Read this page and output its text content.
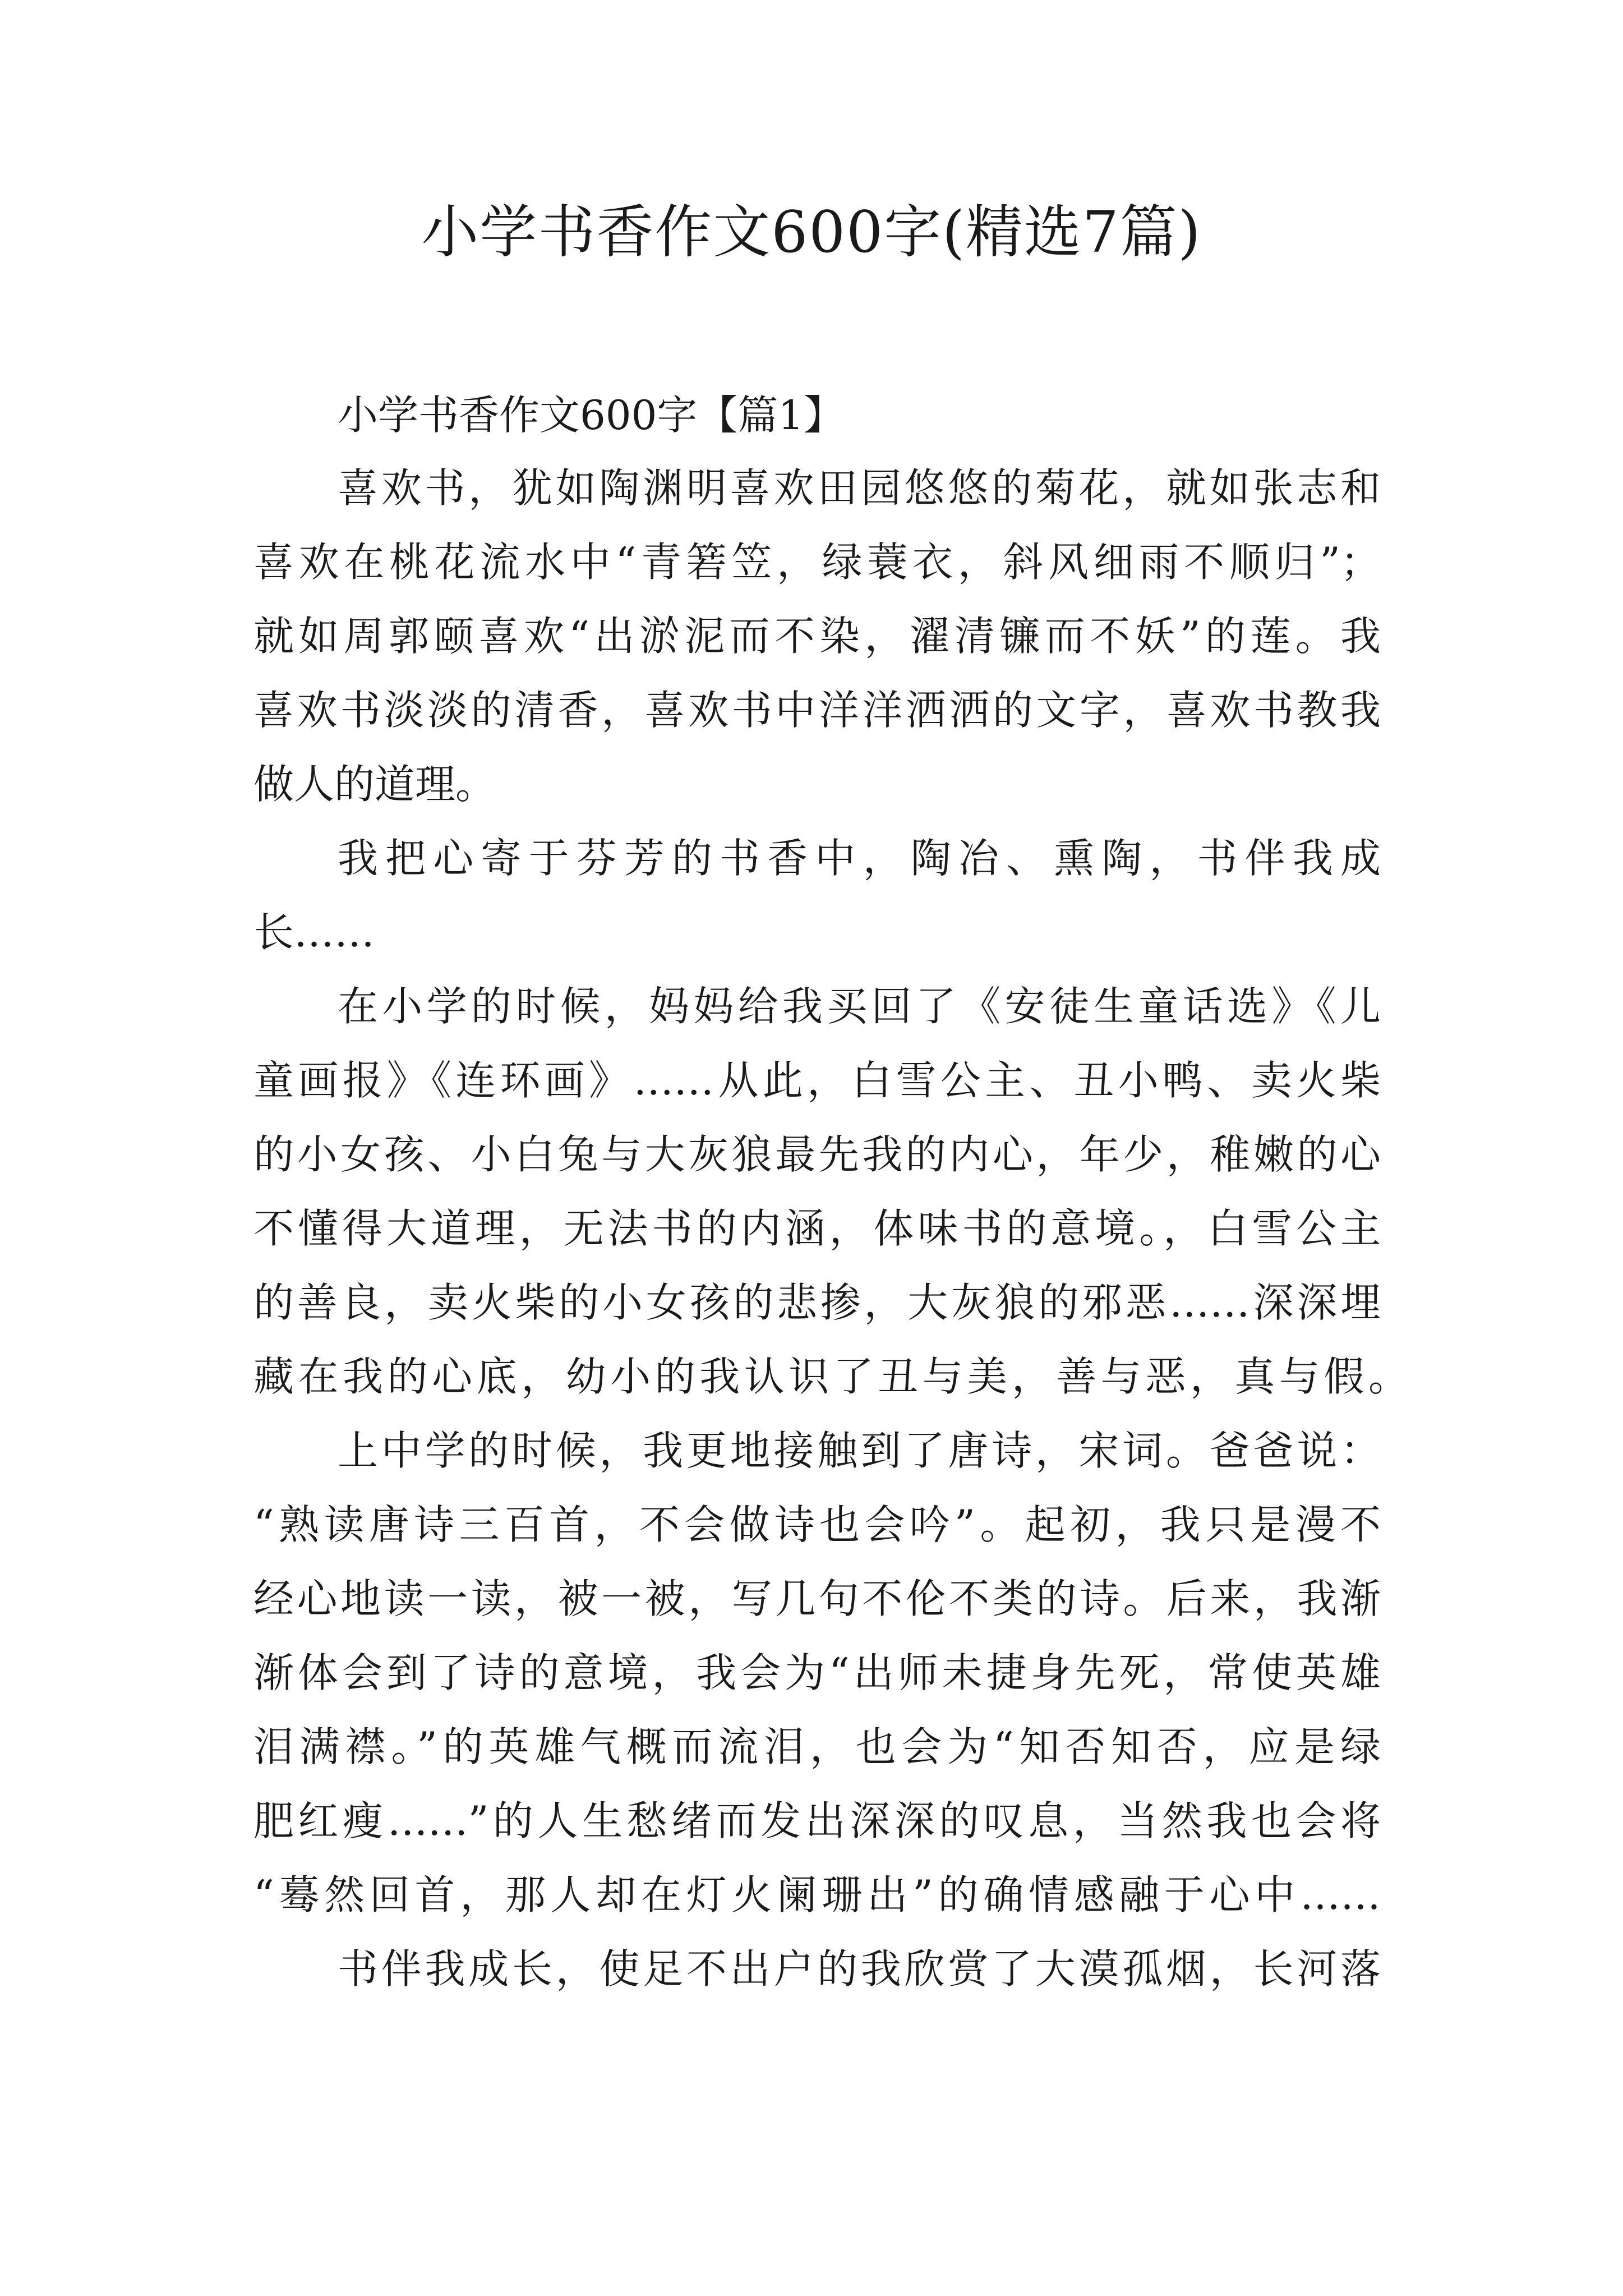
小学书香作文600字(精选7篇)
小学书香作文600字【篇1】
喜欢书，犹如陶渊明喜欢田园悠悠的菊花，就如张志和
喜欢在桃花流水中“青箬笠，绿蓑衣，斜风细雨不顺归”；
就如周郭颐喜欢“出淤泥而不染，濯清镰而不妖”的莲。我
喜欢书淡淡的清香，喜欢书中洋洋洒洒的文字，喜欢书教我
做人的道理。
我把心寄于芬芳的书香中，陶冶、熏陶，书伴我成
长……
在小学的时候，妈妈给我买回了《安徒生童话选》《儿
童画报》《连环画》……从此，白雪公主、丑小鸭、卖火柴
的小女孩、小白兔与大灰狼最先我的内心，年少，稚嫩的心
不懂得大道理，无法书的内涵，体味书的意境。，白雪公主
的善良，卖火柴的小女孩的悲掺，大灰狼的邪恶……深深埋
藏在我的心底，幼小的我认识了丑与美，善与恶，真与假。
上中学的时候，我更地接触到了唐诗，宋词。爸爸说：
“熟读唐诗三百首，不会做诗也会吟”。起初，我只是漫不
经心地读一读，被一被，写几句不伦不类的诗。后来，我渐
渐体会到了诗的意境，我会为“出师未捷身先死，常使英雄
泪满襟。”的英雄气概而流泪，也会为“知否知否，应是绿
肥红瘦……”的人生愁绪而发出深深的叹息，当然我也会将
“蓦然回首，那人却在灯火阑珊出”的确情感融于心中……
书伴我成长，使足不出户的我欣赏了大漠孤烟，长河落
